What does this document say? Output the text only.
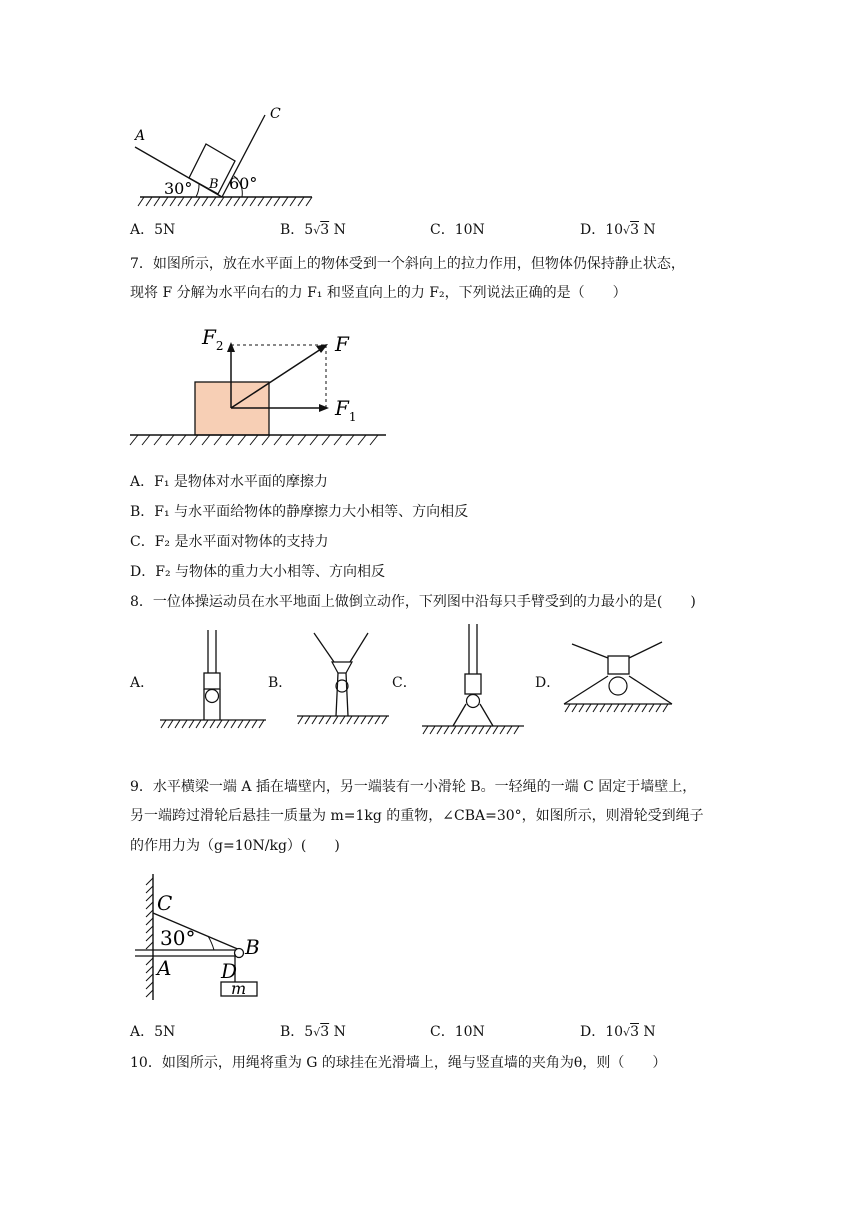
A
C
B
30° 60°
A．5N	B．5√3 N	C．10N	D．10√3 N
7．如图所示，放在水平面上的物体受到一个斜向上的拉力作用，但物体仍保持静止状态，
现将 F 分解为水平向右的力 F₁ 和竖直向上的力 F₂，下列说法正确的是（　　）
$F_2$	F
$F_1$
A．F₁ 是物体对水平面的摩擦力
B．F₁ 与水平面给物体的静摩擦力大小相等、方向相反
C．F₂ 是水平面对物体的支持力
D．F₂ 与物体的重力大小相等、方向相反
8．一位体操运动员在水平地面上做倒立动作，下列图中沿每只手臂受到的力最小的是(　　)
A．	B．	C．	D．
9．水平横梁一端 A 插在墙壁内，另一端装有一小滑轮 B。一轻绳的一端 C 固定于墙壁上，
另一端跨过滑轮后悬挂一质量为 m=1kg 的重物，∠CBA=30°，如图所示，则滑轮受到绳子
的作用力为（g=10N/kg）(　　)
C
30° B
A D
m
A．5N	B．5√3 N	C．10N	D．10√3 N
10．如图所示，用绳将重为 G 的球挂在光滑墙上，绳与竖直墙的夹角为θ，则（　　）
